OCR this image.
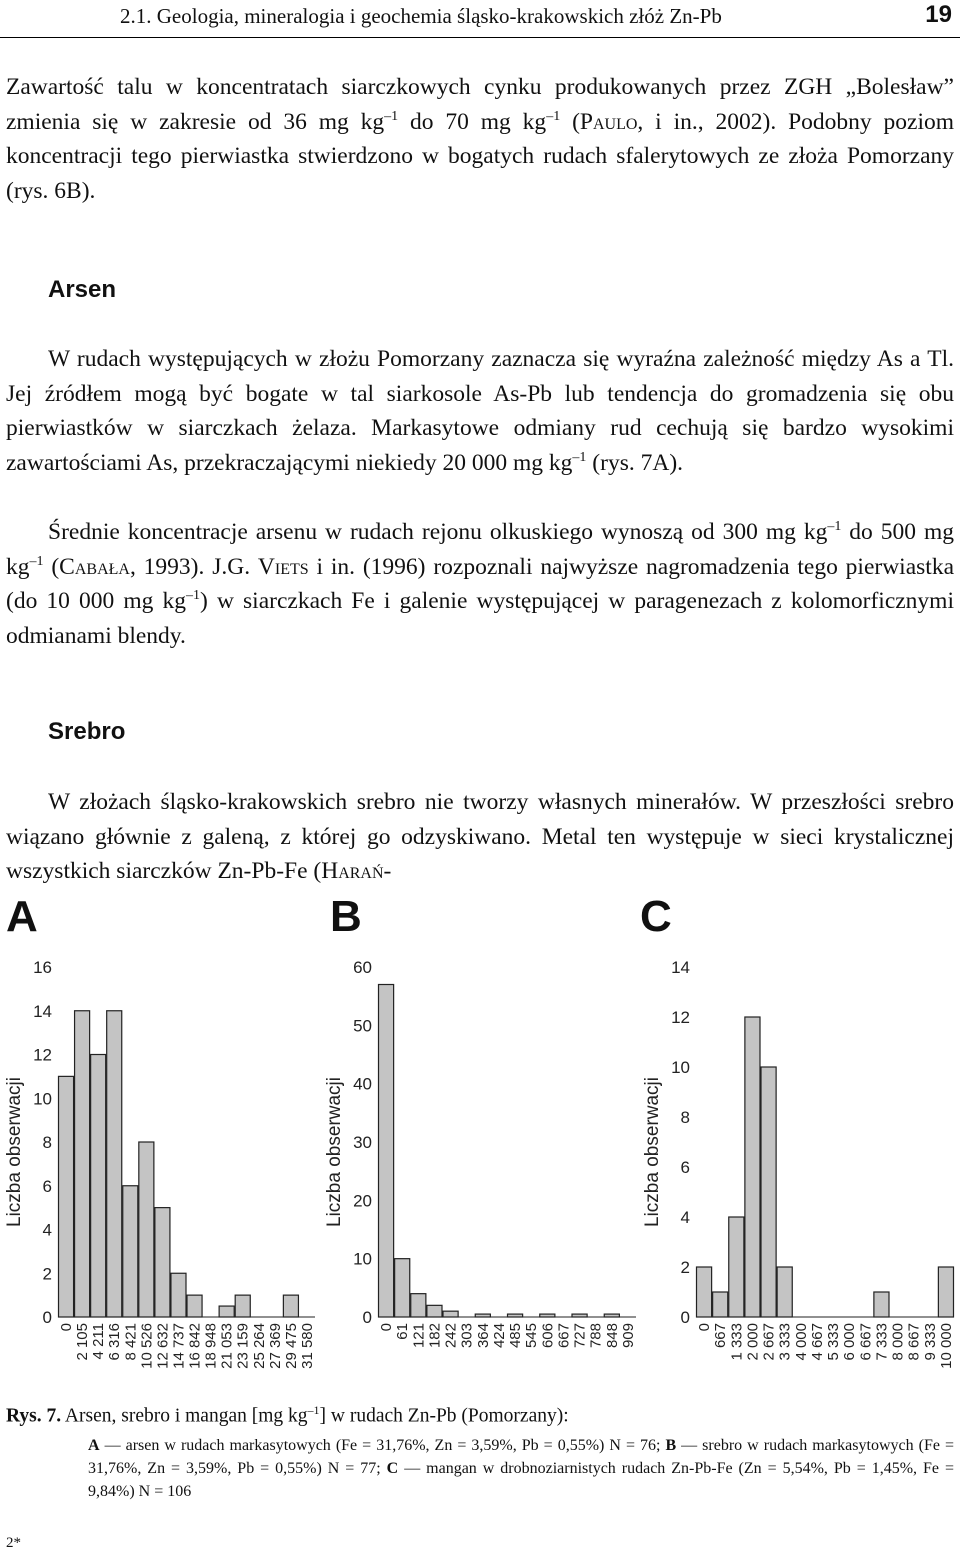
2.1. Geologia, mineralogia i geochemia śląsko-krakowskich złóż Zn-Pb	19

Zawartość talu w koncentratach siarczkowych cynku produkowanych przez ZGH „Bolesław” zmienia się w zakresie od 36 mg $kg^{-1}$ do 70 mg $kg^{-1}$ (Paulo, i in., 2002). Podobny poziom koncentracji tego pierwiastka stwierdzono w bogatych rudach sfalerytowych ze złoża Pomorzany (rys. 6B).

Arsen

W rudach występujących w złożu Pomorzany zaznacza się wyraźna zależność między As a Tl. Jej źródłem mogą być bogate w tal siarkosole As-Pb lub tendencja do gromadzenia się obu pierwiastków w siarczkach żelaza. Markasytowe odmiany rud cechują się bardzo wysokimi zawartościami As, przekraczającymi niekiedy 20 000 mg $kg^{-1}$ (rys. 7A).

Średnie koncentracje arsenu w rudach rejonu olkuskiego wynoszą od 300 mg $kg^{-1}$ do 500 mg $kg^{-1}$ (Cabała, 1993). J.G. Viets i in. (1996) rozpoznali najwyższe nagromadzenia tego pierwiastka (do 10 000 mg $kg^{-1}$) w siarczkach Fe i galenie występującej w paragenezach z kolomorficznymi odmianami blendy.

Srebro

W złożach śląsko-krakowskich srebro nie tworzy własnych minerałów. W przeszłości srebro wiązano głównie z galeną, z której go odzyskiwano. Metal ten występuje w sieci krystalicznej wszystkich siarczków Zn-Pb-Fe (Harań-

A	B	C
Liczba obserwacji
0
2
4
6
8
10
12
14
16
0 2 105 4 211 6 316 8 421 10 526 12 632 14 737 16 842 18 948 21 053 23 159 25 264 27 369 29 475 31 580
Liczba obserwacji
0
10
20
30
40
50
60
0 61 121 182 242 303 364 424 485 545 606 667 727 788 848 909
Liczba obserwacji
0
2
4
6
8
10
12
14
0 667 1 333 2 000 2 667 3 333 4 000 4 667 5 333 6 000 6 667 7 333 8 000 8 667 9 333 10 000
Rys. 7. Arsen, srebro i mangan [mg $kg^{-1}$] w rudach Zn-Pb (Pomorzany):
A — arsen w rudach markasytowych (Fe = 31,76%, Zn = 3,59%, Pb = 0,55%) N = 76; B — srebro w rudach markasytowych (Fe = 31,76%, Zn = 3,59%, Pb = 0,55%) N = 77; C — mangan w drobnoziarnistych rudach Zn-Pb-Fe (Zn = 5,54%, Pb = 1,45%, Fe = 9,84%) N = 106
2*
